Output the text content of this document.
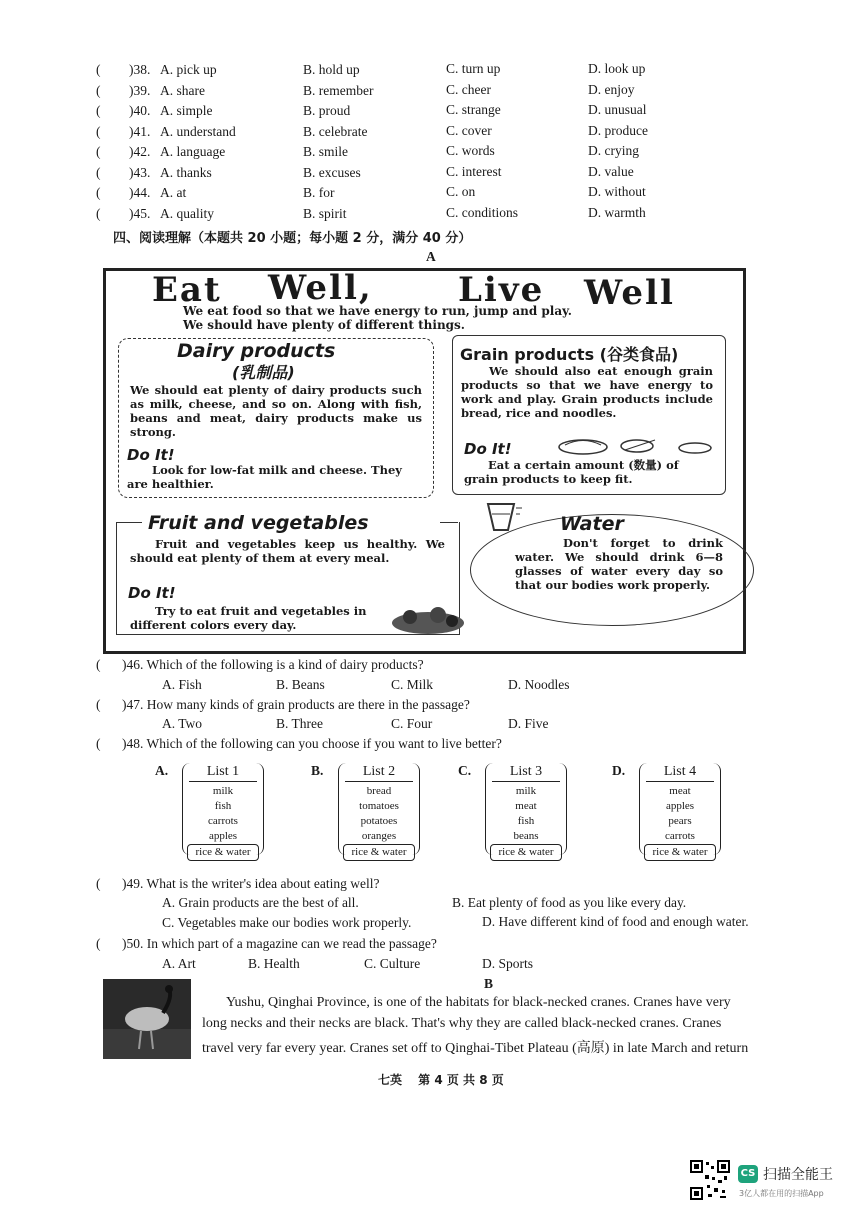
( )38. A. pick up	B. hold up	C. turn up	D. look up
( )39. A. share	B. remember	C. cheer	D. enjoy
( )40. A. simple	B. proud	C. strange	D. unusual
( )41. A. understand	B. celebrate	C. cover	D. produce
( )42. A. language	B. smile	C. words	D. crying
( )43. A. thanks	B. excuses	C. interest	D. value
( )44. A. at	B. for	C. on	D. without
( )45. A. quality	B. spirit	C. conditions	D. warmth
四、阅读理解（本题共 20 小题；每小题 2 分，满分 40 分）
A
Eat Well,	Live Well
We eat food so that we have energy to run, jump and play.
We should have plenty of different things.
Dairy products
(乳制品)
We should eat plenty of dairy products such as milk, cheese, and so on. Along with fish, beans and meat, dairy products make us strong.
Do It!
Look for low-fat milk and cheese. They are healthier.
Grain products (谷类食品)
We should also eat enough grain products so that we have energy to work and play. Grain products include bread, rice and noodles.
Do It!
Eat a certain amount (数量) of grain products to keep fit.
Fruit and vegetables
Fruit and vegetables keep us healthy. We should eat plenty of them at every meal.
Do It!
Try to eat fruit and vegetables in different colors every day.
Water
Don't forget to drink water. We should drink 6—8 glasses of water every day so that our bodies work properly.
( )46. Which of the following is a kind of dairy products?
A. Fish	B. Beans	C. Milk	D. Noodles
( )47. How many kinds of grain products are there in the passage?
A. Two	B. Three	C. Four	D. Five
( )48. Which of the following can you choose if you want to live better?
A.	List 1
milk
fish
carrots
apples
rice & water
B.	List 2
bread
tomatoes
potatoes
oranges
rice & water
C.	List 3
milk
meat
fish
beans
rice & water
D.	List 4
meat
apples
pears
carrots
rice & water
( )49. What is the writer's idea about eating well?
A. Grain products are the best of all.	B. Eat plenty of food as you like every day.
C. Vegetables make our bodies work properly.	D. Have different kind of food and enough water.
( )50. In which part of a magazine can we read the passage?
A. Art	B. Health	C. Culture	D. Sports
B
Yushu, Qinghai Province, is one of the habitats for black-necked cranes. Cranes have very
long necks and their necks are black. That's why they are called black-necked cranes. Cranes
travel very far every year. Cranes set off to Qinghai-Tibet Plateau (高原) in late March and return
七英　 第 4 页 共 8 页
CS 扫描全能王
3亿人都在用的扫描App
